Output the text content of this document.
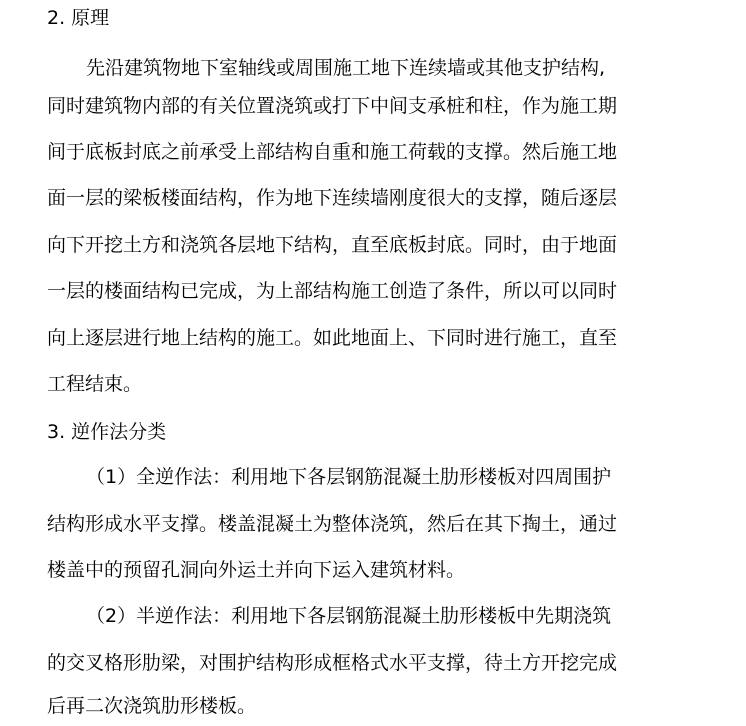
2. 原理

先沿建筑物地下室轴线或周围施工地下连续墙或其他支护结构,

同时建筑物内部的有关位置浇筑或打下中间支承桩和柱，作为施工期

间于底板封底之前承受上部结构自重和施工荷载的支撑。然后施工地

面一层的梁板楼面结构，作为地下连续墙刚度很大的支撑，随后逐层

向下开挖土方和浇筑各层地下结构，直至底板封底。同时，由于地面

一层的楼面结构已完成，为上部结构施工创造了条件，所以可以同时

向上逐层进行地上结构的施工。如此地面上、下同时进行施工，直至

工程结束。

3. 逆作法分类

（1）全逆作法：利用地下各层钢筋混凝土肋形楼板对四周围护

结构形成水平支撑。楼盖混凝土为整体浇筑，然后在其下掏土，通过

楼盖中的预留孔洞向外运土并向下运入建筑材料。

（2）半逆作法：利用地下各层钢筋混凝土肋形楼板中先期浇筑

的交叉格形肋梁，对围护结构形成框格式水平支撑，待土方开挖完成

后再二次浇筑肋形楼板。
